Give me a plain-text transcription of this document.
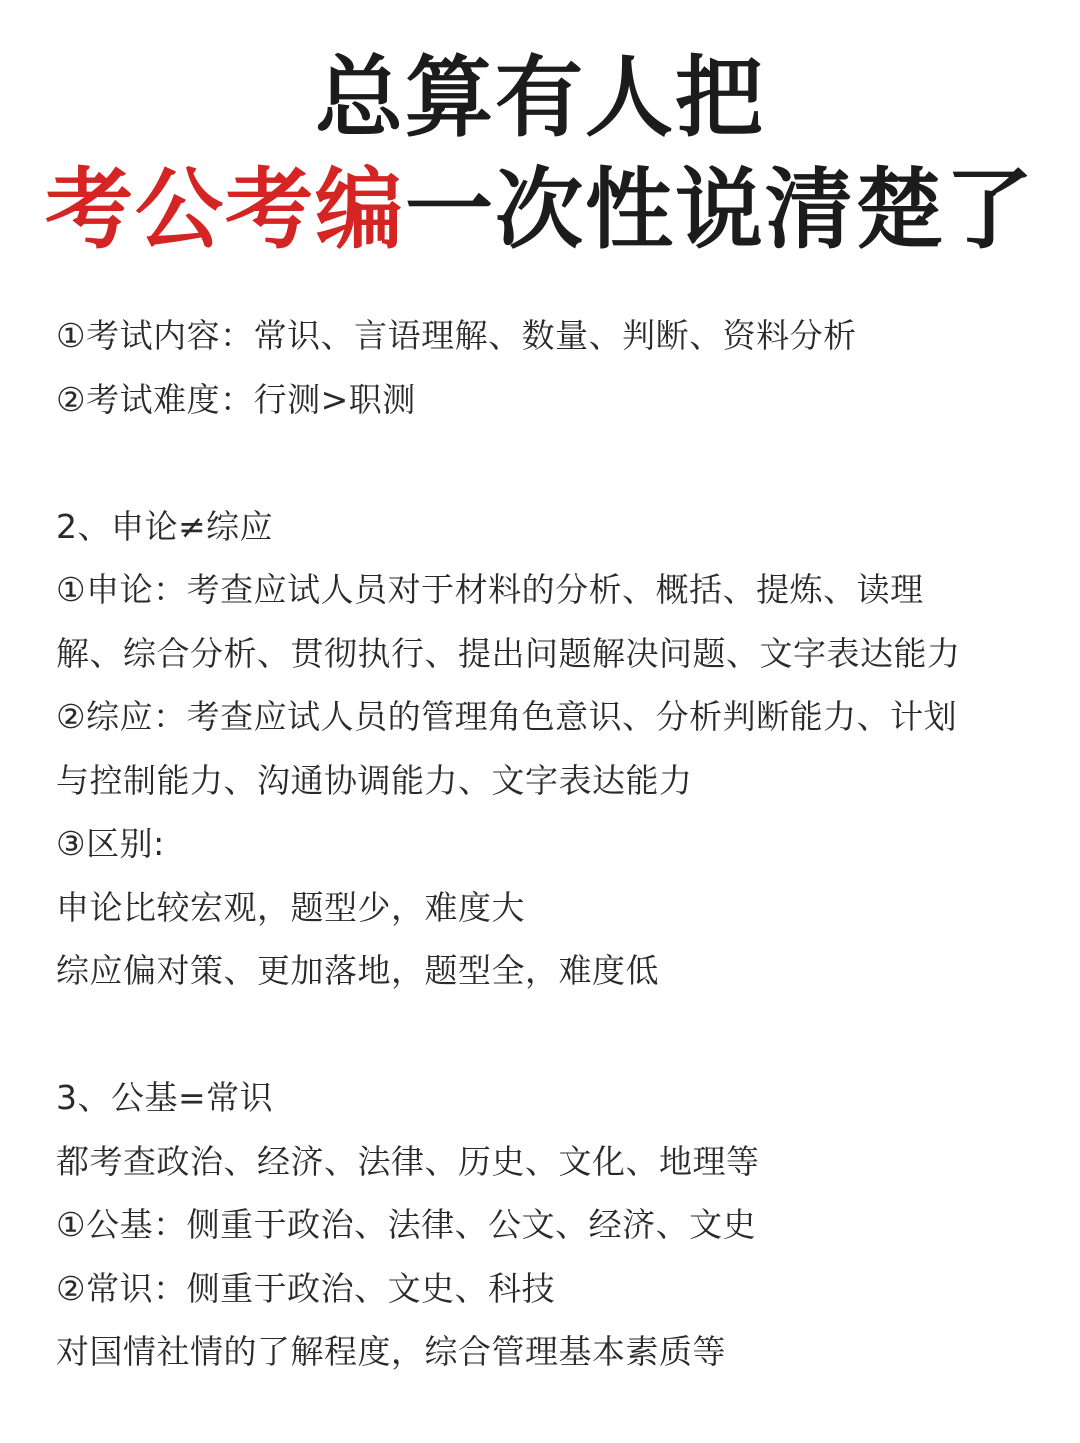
总算有人把
考公考编一次性说清楚了
①考试内容：常识、言语理解、数量、判断、资料分析
②考试难度：行测>职测
2、申论≠综应
①申论：考查应试人员对于材料的分析、概括、提炼、读理
解、综合分析、贯彻执行、提出问题解决问题、文字表达能力
②综应：考查应试人员的管理角色意识、分析判断能力、计划
与控制能力、沟通协调能力、文字表达能力
③区别:
申论比较宏观，题型少，难度大
综应偏对策、更加落地，题型全，难度低
3、公基=常识
都考查政治、经济、法律、历史、文化、地理等
①公基：侧重于政治、法律、公文、经济、文史
②常识：侧重于政治、文史、科技
对国情社情的了解程度，综合管理基本素质等
